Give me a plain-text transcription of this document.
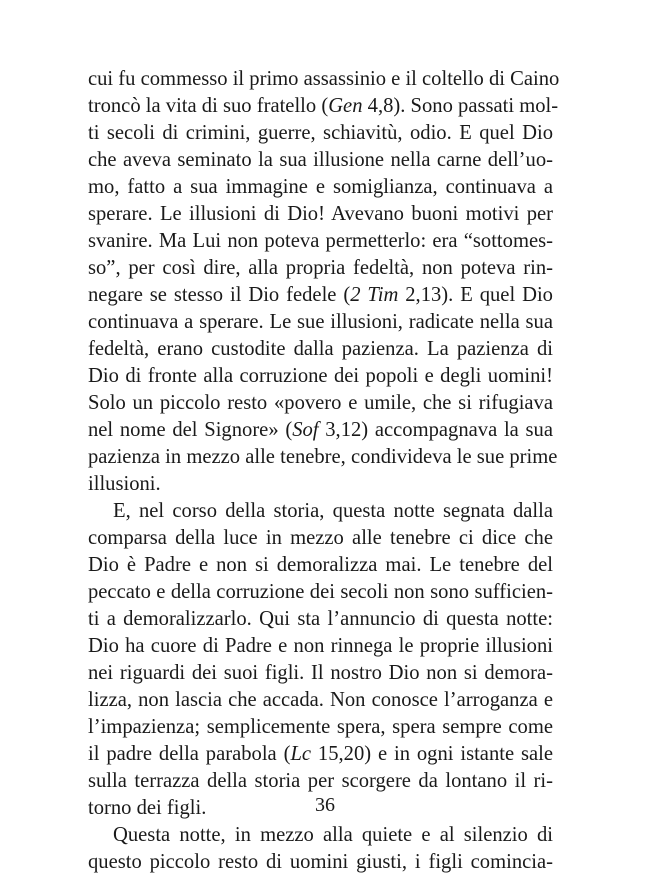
cui fu commesso il primo assassinio e il coltello di Caino
troncò la vita di suo fratello (Gen 4,8). Sono passati mol-
ti secoli di crimini, guerre, schiavitù, odio. E quel Dio
che aveva seminato la sua illusione nella carne dell’uo-
mo, fatto a sua immagine e somiglianza, continuava a
sperare. Le illusioni di Dio! Avevano buoni motivi per
svanire. Ma Lui non poteva permetterlo: era “sottomes-
so”, per così dire, alla propria fedeltà, non poteva rin-
negare se stesso il Dio fedele (2 Tim 2,13). E quel Dio
continuava a sperare. Le sue illusioni, radicate nella sua
fedeltà, erano custodite dalla pazienza. La pazienza di
Dio di fronte alla corruzione dei popoli e degli uomini!
Solo un piccolo resto «povero e umile, che si rifugiava
nel nome del Signore» (Sof 3,12) accompagnava la sua
pazienza in mezzo alle tenebre, condivideva le sue prime
illusioni.
E, nel corso della storia, questa notte segnata dalla
comparsa della luce in mezzo alle tenebre ci dice che
Dio è Padre e non si demoralizza mai. Le tenebre del
peccato e della corruzione dei secoli non sono sufficien-
ti a demoralizzarlo. Qui sta l’annuncio di questa notte:
Dio ha cuore di Padre e non rinnega le proprie illusioni
nei riguardi dei suoi figli. Il nostro Dio non si demora-
lizza, non lascia che accada. Non conosce l’arroganza e
l’impazienza; semplicemente spera, spera sempre come
il padre della parabola (Lc 15,20) e in ogni istante sale
sulla terrazza della storia per scorgere da lontano il ri-
torno dei figli.
Questa notte, in mezzo alla quiete e al silenzio di
questo piccolo resto di uomini giusti, i figli comincia-
36
